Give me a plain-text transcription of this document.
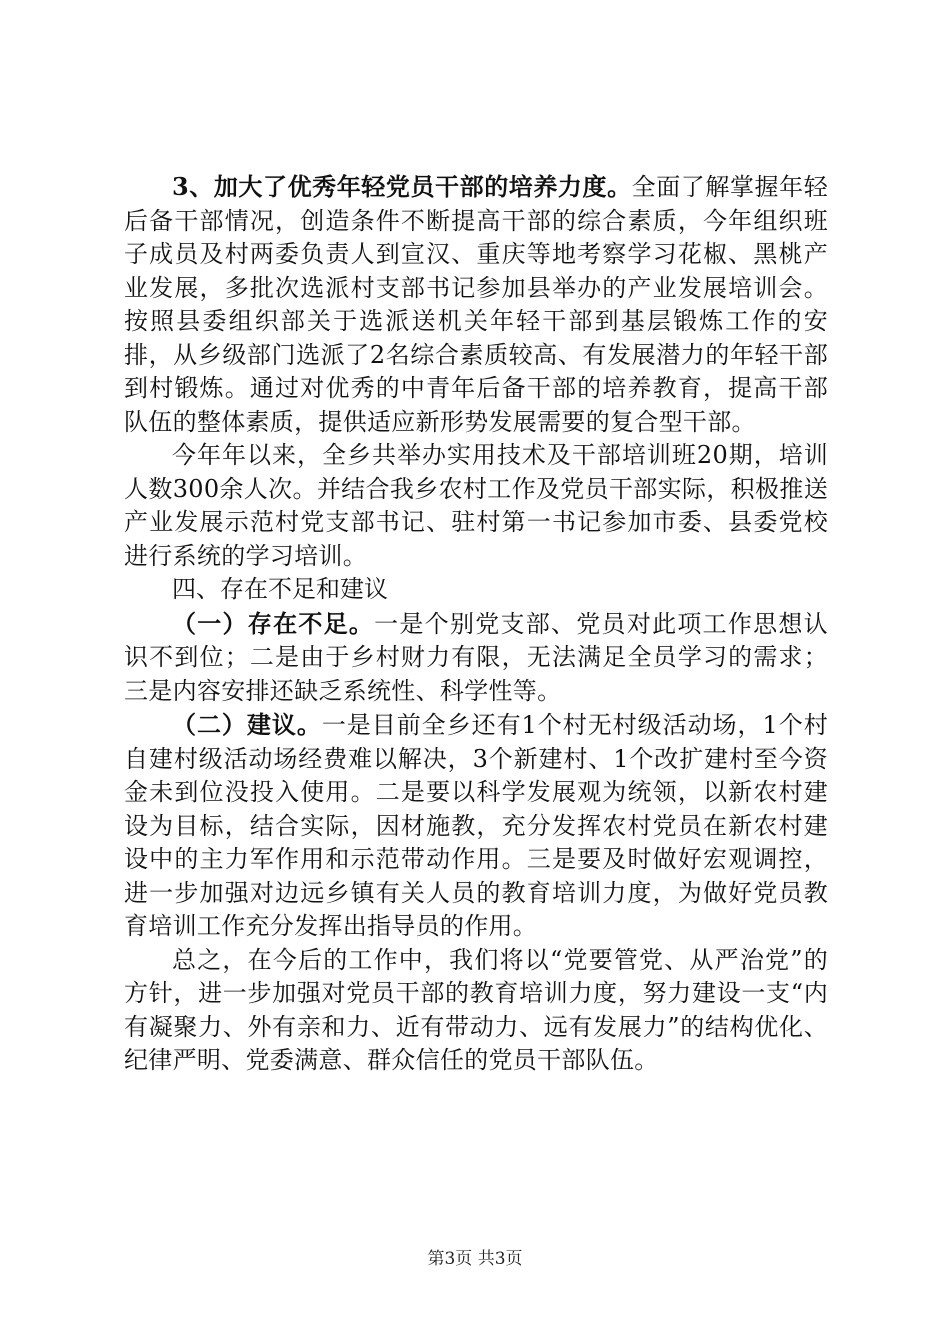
3、加大了优秀年轻党员干部的培养力度。全面了解掌握年轻后备干部情况，创造条件不断提高干部的综合素质，今年组织班子成员及村两委负责人到宣汉、重庆等地考察学习花椒、黑桃产业发展，多批次选派村支部书记参加县举办的产业发展培训会。按照县委组织部关于选派送机关年轻干部到基层锻炼工作的安排，从乡级部门选派了2名综合素质较高、有发展潜力的年轻干部到村锻炼。通过对优秀的中青年后备干部的培养教育，提高干部队伍的整体素质，提供适应新形势发展需要的复合型干部。

今年年以来，全乡共举办实用技术及干部培训班20期，培训人数300余人次。并结合我乡农村工作及党员干部实际，积极推送产业发展示范村党支部书记、驻村第一书记参加市委、县委党校进行系统的学习培训。

四、存在不足和建议

（一）存在不足。一是个别党支部、党员对此项工作思想认识不到位；二是由于乡村财力有限，无法满足全员学习的需求；三是内容安排还缺乏系统性、科学性等。

（二）建议。一是目前全乡还有1个村无村级活动场，1个村自建村级活动场经费难以解决，3个新建村、1个改扩建村至今资金未到位没投入使用。二是要以科学发展观为统领，以新农村建设为目标，结合实际，因材施教，充分发挥农村党员在新农村建设中的主力军作用和示范带动作用。三是要及时做好宏观调控，进一步加强对边远乡镇有关人员的教育培训力度，为做好党员教育培训工作充分发挥出指导员的作用。

总之，在今后的工作中，我们将以“党要管党、从严治党”的方针，进一步加强对党员干部的教育培训力度，努力建设一支“内有凝聚力、外有亲和力、近有带动力、远有发展力”的结构优化、纪律严明、党委满意、群众信任的党员干部队伍。

第3页 共3页
